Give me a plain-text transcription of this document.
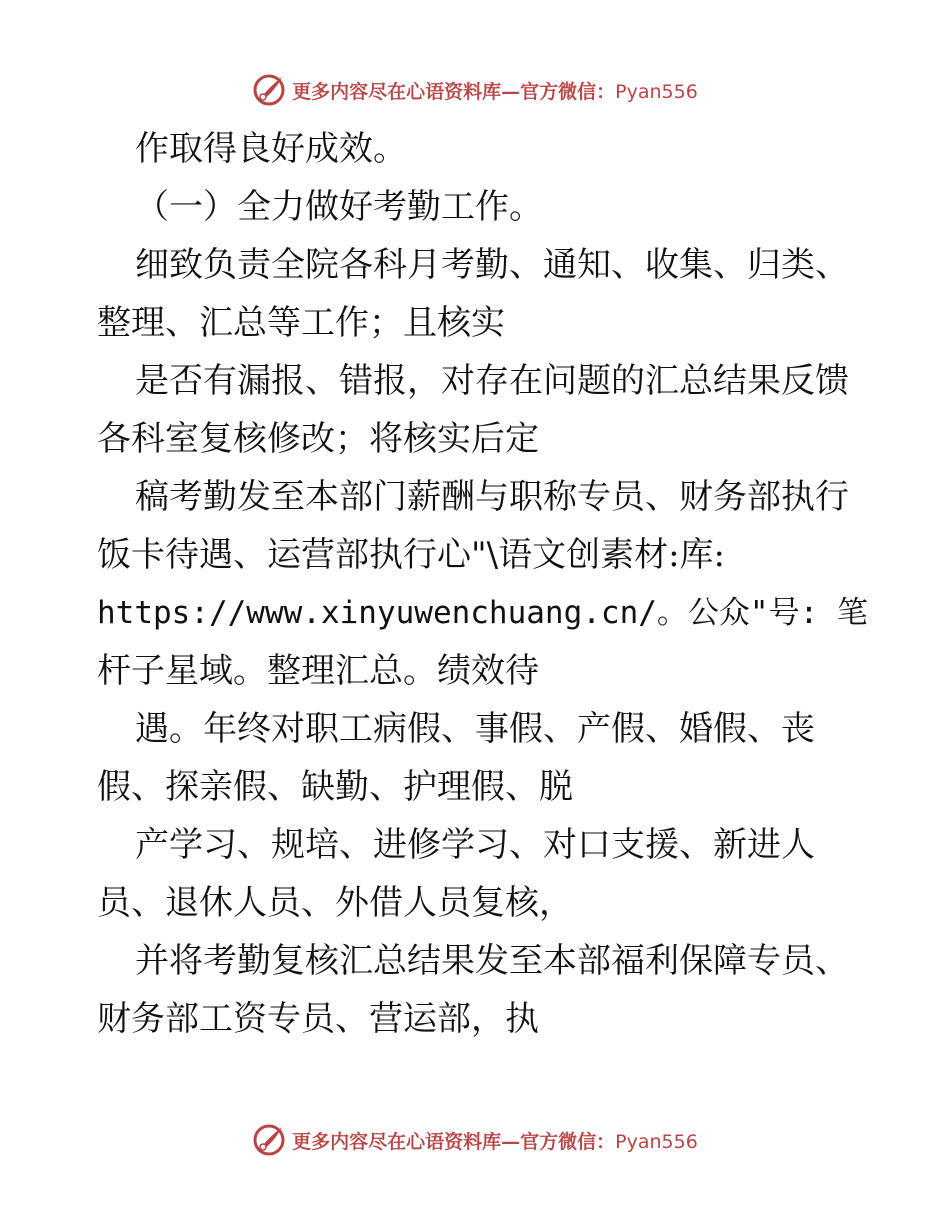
更多内容尽在心语资料库—官方微信： Pyan556
作取得良好成效。
（一）全力做好考勤工作。
细致负责全院各科月考勤、通知、收集、归类、
整理、汇总等工作；且核实
是否有漏报、错报，对存在问题的汇总结果反馈
各科室复核修改；将核实后定
稿考勤发至本部门薪酬与职称专员、财务部执行
饭卡待遇、运营部执行心"\语文创素材:库:
https://www.xinyuwenchuang.cn/。公众"号: 笔
杆子星域。整理汇总。绩效待
遇。年终对职工病假、事假、产假、婚假、丧
假、探亲假、缺勤、护理假、脱
产学习、规培、进修学习、对口支援、新进人
员、退休人员、外借人员复核，
并将考勤复核汇总结果发至本部福利保障专员、
财务部工资专员、营运部，执
更多内容尽在心语资料库—官方微信： Pyan556
